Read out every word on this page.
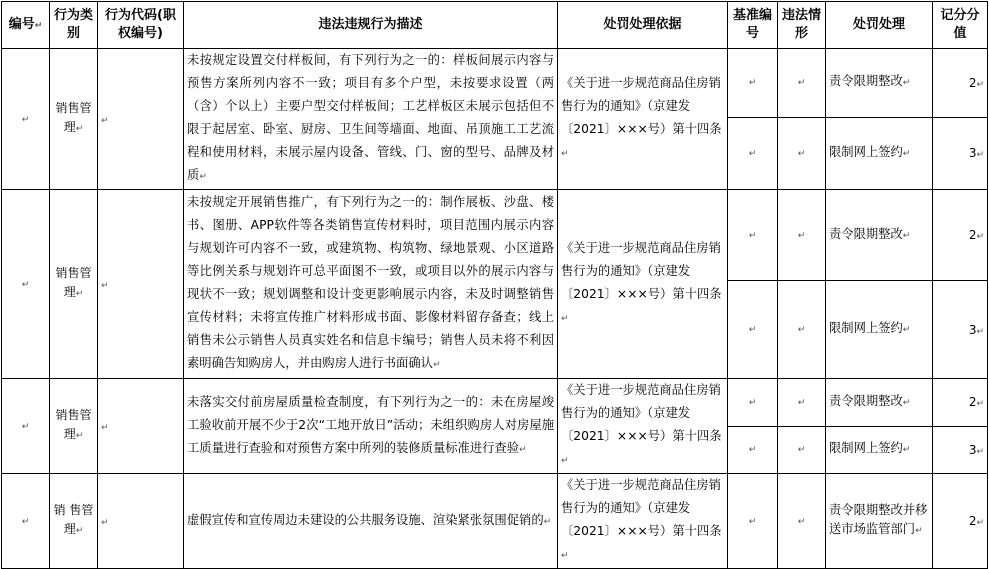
编号↵	行为类别	行为代码(职权编号)	违法违规行为描述	处罚处理依据	基准编号	违法情形	处罚处理	记分分值
↵	销售管理↵	↵	未按规定设置交付样板间，有下列行为之一的：样板间展示内容与预售方案所列内容不一致；项目有多个户型，未按要求设置（两（含）个以上）主要户型交付样板间；工艺样板区未展示包括但不限于起居室、卧室、厨房、卫生间等墙面、地面、吊顶施工工艺流程和使用材料，未展示屋内设备、管线、门、窗的型号、品牌及材质↵	《关于进一步规范商品住房销售行为的通知》（京建发〔2021〕×××号）第十四条↵	↵	↵	责令限期整改↵	2↵
					↵	↵	限制网上签约↵	3↵
↵	销售管理↵	↵	未按规定开展销售推广，有下列行为之一的：制作展板、沙盘、楼书、图册、APP软件等各类销售宣传材料时，项目范围内展示内容与规划许可内容不一致，或建筑物、构筑物、绿地景观、小区道路等比例关系与规划许可总平面图不一致，或项目以外的展示内容与现状不一致；规划调整和设计变更影响展示内容，未及时调整销售宣传材料；未将宣传推广材料形成书面、影像材料留存备查；线上销售未公示销售人员真实姓名和信息卡编号；销售人员未将不利因素明确告知购房人，并由购房人进行书面确认↵	《关于进一步规范商品住房销售行为的通知》（京建发〔2021〕×××号）第十四条↵	↵	↵	责令限期整改↵	2↵
					↵	↵	限制网上签约↵	3↵
↵	销售管理↵	↵	未落实交付前房屋质量检查制度，有下列行为之一的：未在房屋竣工验收前开展不少于2次“工地开放日”活动；未组织购房人对房屋施工质量进行查验和对预售方案中所列的装修质量标准进行查验↵	《关于进一步规范商品住房销售行为的通知》（京建发〔2021〕×××号）第十四条↵	↵	↵	责令限期整改↵	2↵
					↵	↵	限制网上签约↵	3↵
↵	销 售管理↵	↵	虚假宣传和宣传周边未建设的公共服务设施、渲染紧张氛围促销的↵	《关于进一步规范商品住房销售行为的通知》（京建发〔2021〕×××号）第十四条↵	↵	↵	责令限期整改并移送市场监管部门↵	2↵
